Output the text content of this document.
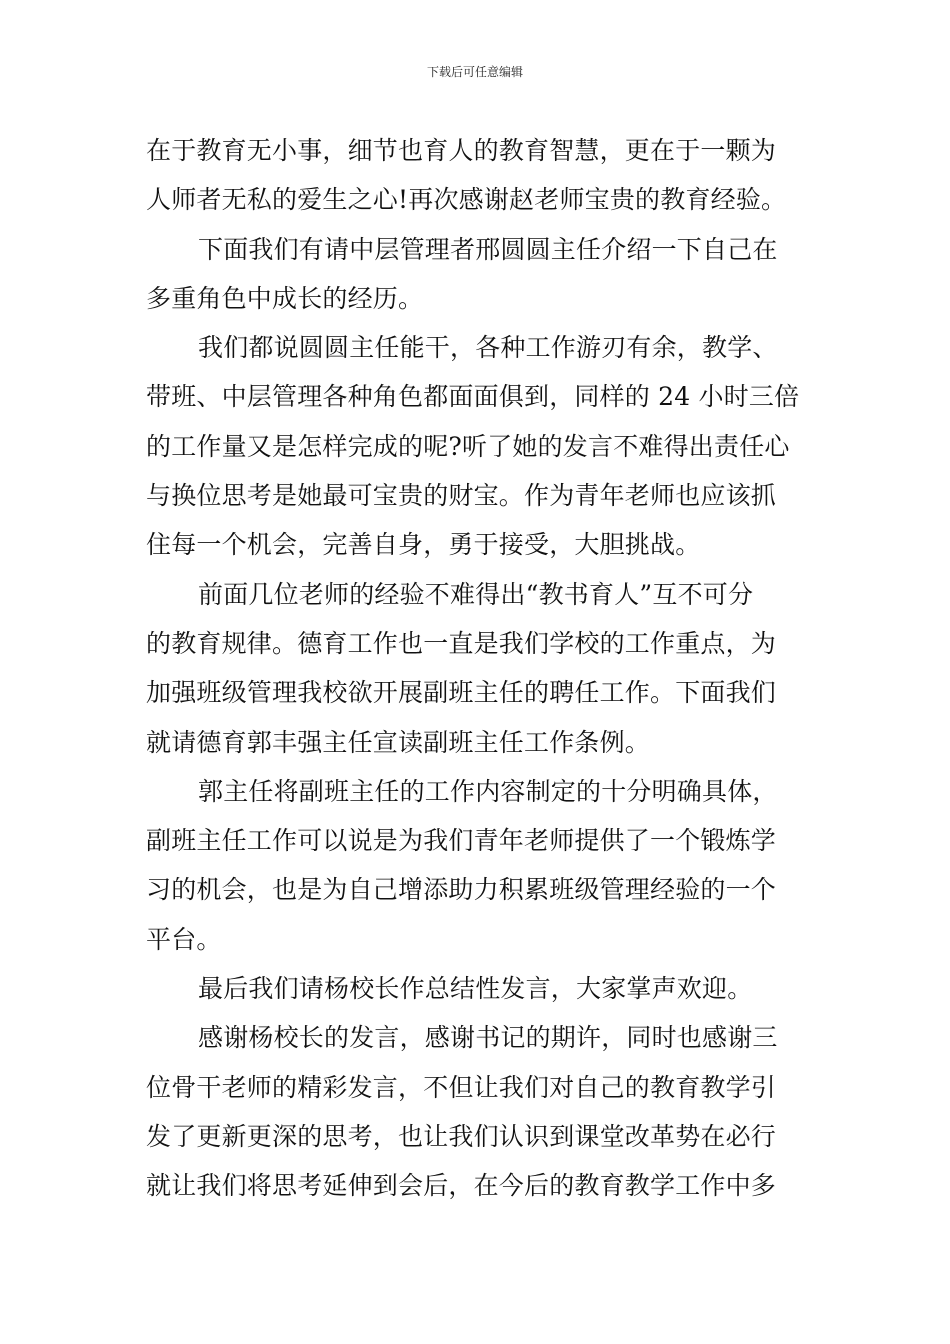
下载后可任意编辑
在于教育无小事，细节也育人的教育智慧，更在于一颗为
人师者无私的爱生之心!再次感谢赵老师宝贵的教育经验。
下面我们有请中层管理者邢圆圆主任介绍一下自己在
多重角色中成长的经历。
我们都说圆圆主任能干，各种工作游刃有余，教学、
带班、中层管理各种角色都面面俱到，同样的 24 小时三倍
的工作量又是怎样完成的呢?听了她的发言不难得出责任心
与换位思考是她最可宝贵的财宝。作为青年老师也应该抓
住每一个机会，完善自身，勇于接受，大胆挑战。
前面几位老师的经验不难得出“教书育人”互不可分
的教育规律。德育工作也一直是我们学校的工作重点，为
加强班级管理我校欲开展副班主任的聘任工作。下面我们
就请德育郭丰强主任宣读副班主任工作条例。
郭主任将副班主任的工作内容制定的十分明确具体，
副班主任工作可以说是为我们青年老师提供了一个锻炼学
习的机会，也是为自己增添助力积累班级管理经验的一个
平台。
最后我们请杨校长作总结性发言，大家掌声欢迎。
感谢杨校长的发言，感谢书记的期许，同时也感谢三
位骨干老师的精彩发言，不但让我们对自己的教育教学引
发了更新更深的思考，也让我们认识到课堂改革势在必行
就让我们将思考延伸到会后，在今后的教育教学工作中多
